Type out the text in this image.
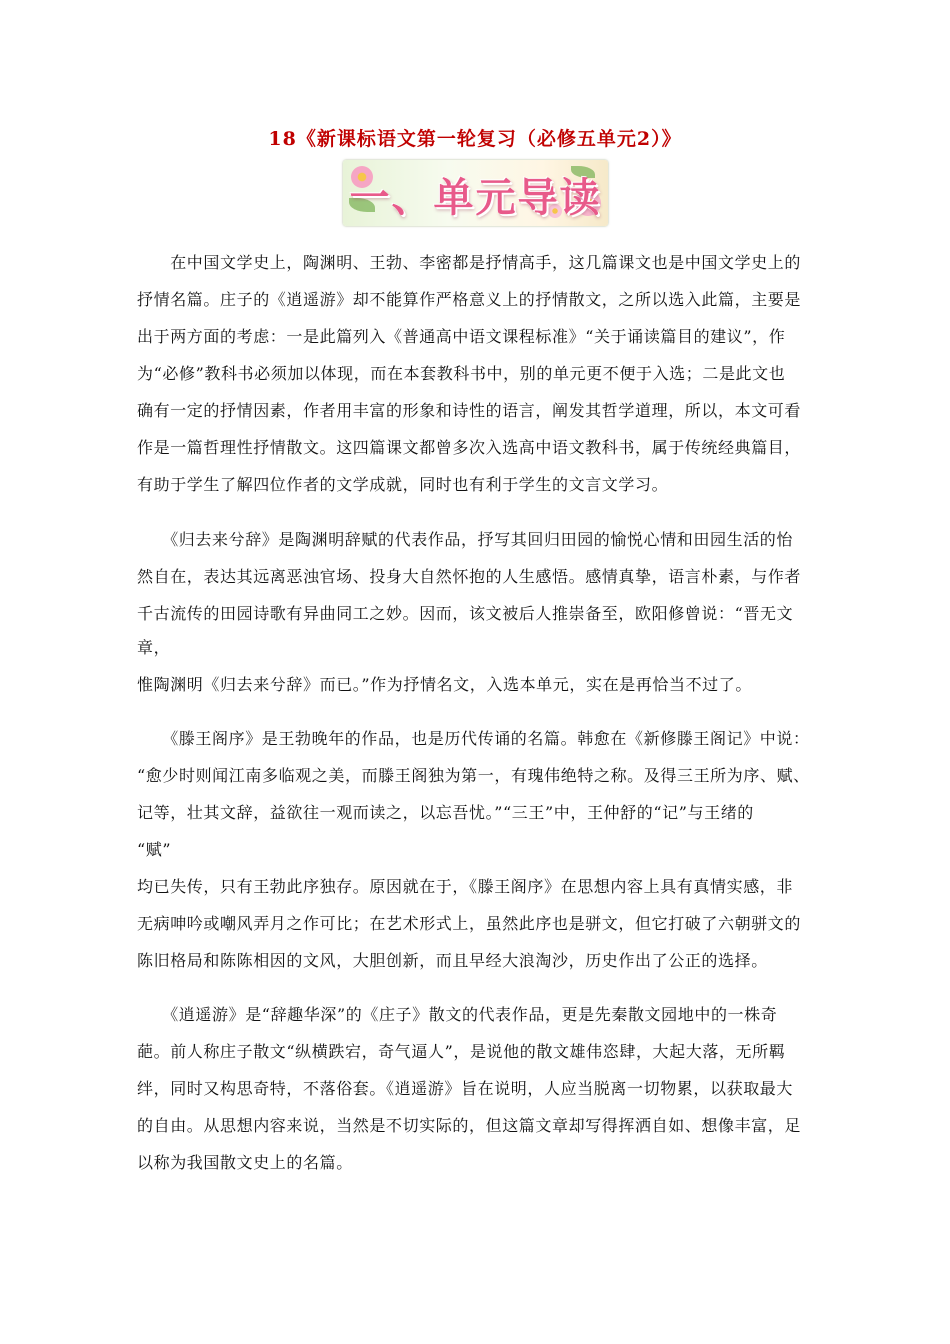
18《新课标语文第一轮复习（必修五单元2）》
一、单元导读
　　在中国文学史上，陶渊明、王勃、李密都是抒情高手，这几篇课文也是中国文学史上的
抒情名篇。庄子的《逍遥游》却不能算作严格意义上的抒情散文，之所以选入此篇，主要是
出于两方面的考虑：一是此篇列入《普通高中语文课程标准》“关于诵读篇目的建议”，作
为“必修”教科书必须加以体现，而在本套教科书中，别的单元更不便于入选；二是此文也
确有一定的抒情因素，作者用丰富的形象和诗性的语言，阐发其哲学道理，所以，本文可看
作是一篇哲理性抒情散文。这四篇课文都曾多次入选高中语文教科书，属于传统经典篇目，
有助于学生了解四位作者的文学成就，同时也有利于学生的文言文学习。
　　《归去来兮辞》是陶渊明辞赋的代表作品，抒写其回归田园的愉悦心情和田园生活的怡
然自在，表达其远离恶浊官场、投身大自然怀抱的人生感悟。感情真挚，语言朴素，与作者
千古流传的田园诗歌有异曲同工之妙。因而，该文被后人推崇备至，欧阳修曾说：“晋无文
章，
惟陶渊明《归去来兮辞》而已。”作为抒情名文，入选本单元，实在是再恰当不过了。
　　《滕王阁序》是王勃晚年的作品，也是历代传诵的名篇。韩愈在《新修滕王阁记》中说：
“愈少时则闻江南多临观之美，而滕王阁独为第一，有瑰伟绝特之称。及得三王所为序、赋、
记等，壮其文辞，益欲往一观而读之，以忘吾忧。”“三王”中，王仲舒的“记”与王绪的
“赋”
均已失传，只有王勃此序独存。原因就在于，《滕王阁序》在思想内容上具有真情实感，非
无病呻吟或嘲风弄月之作可比；在艺术形式上，虽然此序也是骈文，但它打破了六朝骈文的
陈旧格局和陈陈相因的文风，大胆创新，而且早经大浪淘沙，历史作出了公正的选择。
　　《逍遥游》是“辞趣华深”的《庄子》散文的代表作品，更是先秦散文园地中的一株奇
葩。前人称庄子散文“纵横跌宕，奇气逼人”，是说他的散文雄伟恣肆，大起大落，无所羁
绊，同时又构思奇特，不落俗套。《逍遥游》旨在说明，人应当脱离一切物累，以获取最大
的自由。从思想内容来说，当然是不切实际的，但这篇文章却写得挥洒自如、想像丰富，足
以称为我国散文史上的名篇。
